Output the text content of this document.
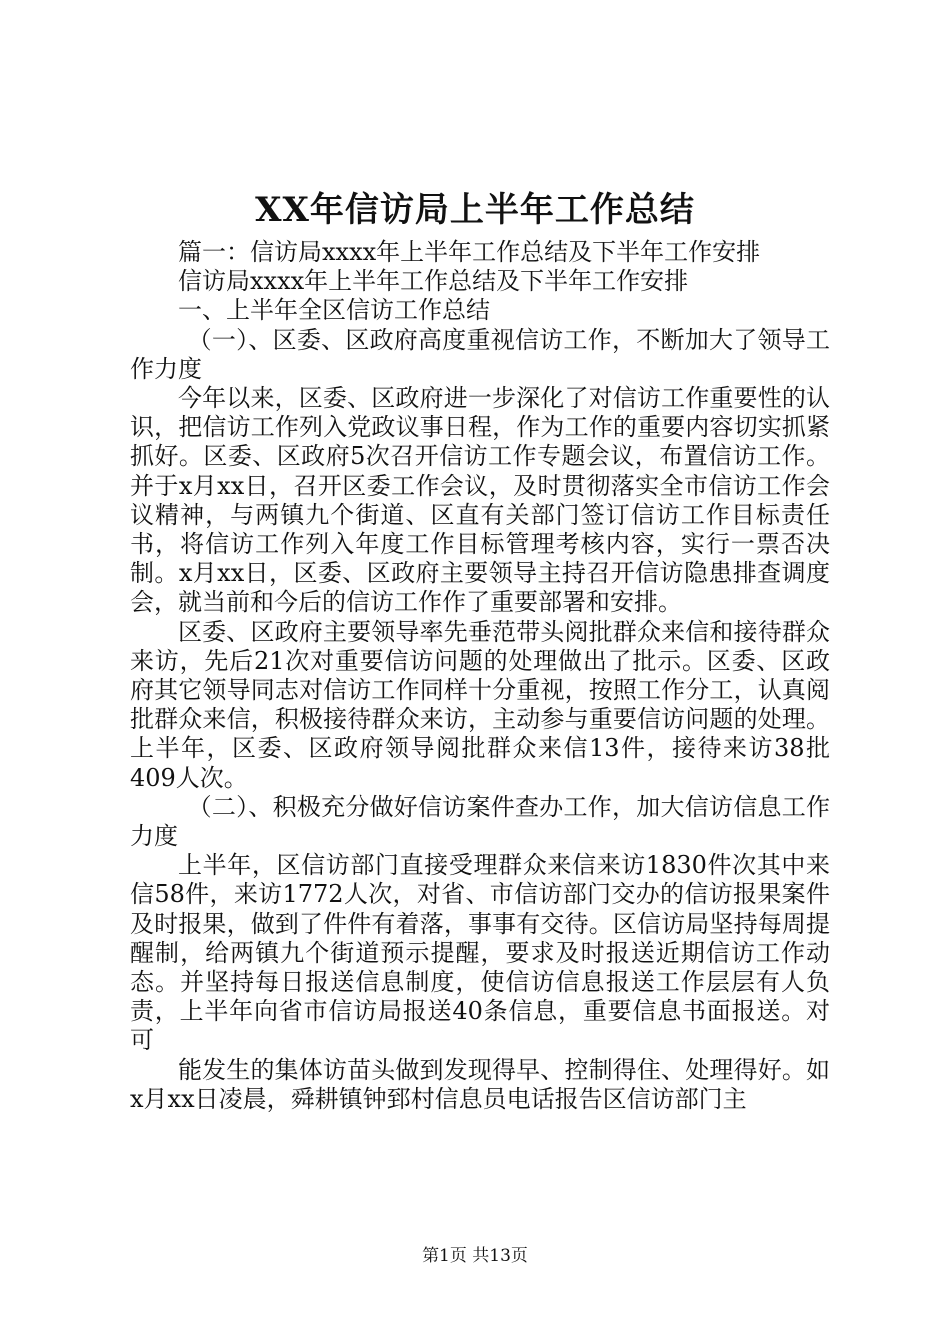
XX年信访局上半年工作总结

篇一：信访局xxxx年上半年工作总结及下半年工作安排

信访局xxxx年上半年工作总结及下半年工作安排

一、上半年全区信访工作总结

（一）、区委、区政府高度重视信访工作，不断加大了领导工作力度

今年以来，区委、区政府进一步深化了对信访工作重要性的认识，把信访工作列入党政议事日程，作为工作的重要内容切实抓紧抓好。区委、区政府5次召开信访工作专题会议，布置信访工作。并于x月xx日，召开区委工作会议，及时贯彻落实全市信访工作会议精神，与两镇九个街道、区直有关部门签订信访工作目标责任书，将信访工作列入年度工作目标管理考核内容，实行一票否决制。x月xx日，区委、区政府主要领导主持召开信访隐患排查调度会，就当前和今后的信访工作作了重要部署和安排。

区委、区政府主要领导率先垂范带头阅批群众来信和接待群众来访，先后21次对重要信访问题的处理做出了批示。区委、区政府其它领导同志对信访工作同样十分重视，按照工作分工，认真阅批群众来信，积极接待群众来访，主动参与重要信访问题的处理。上半年，区委、区政府领导阅批群众来信13件，接待来访38批409人次。

（二）、积极充分做好信访案件查办工作，加大信访信息工作力度

上半年，区信访部门直接受理群众来信来访1830件次其中来信58件，来访1772人次，对省、市信访部门交办的信访报果案件及时报果，做到了件件有着落，事事有交待。区信访局坚持每周提醒制，给两镇九个街道预示提醒，要求及时报送近期信访工作动态。并坚持每日报送信息制度，使信访信息报送工作层层有人负责，上半年向省市信访局报送40条信息，重要信息书面报送。对可

能发生的集体访苗头做到发现得早、控制得住、处理得好。如x月xx日凌晨，舜耕镇钟郅村信息员电话报告区信访部门主

第1页 共13页
